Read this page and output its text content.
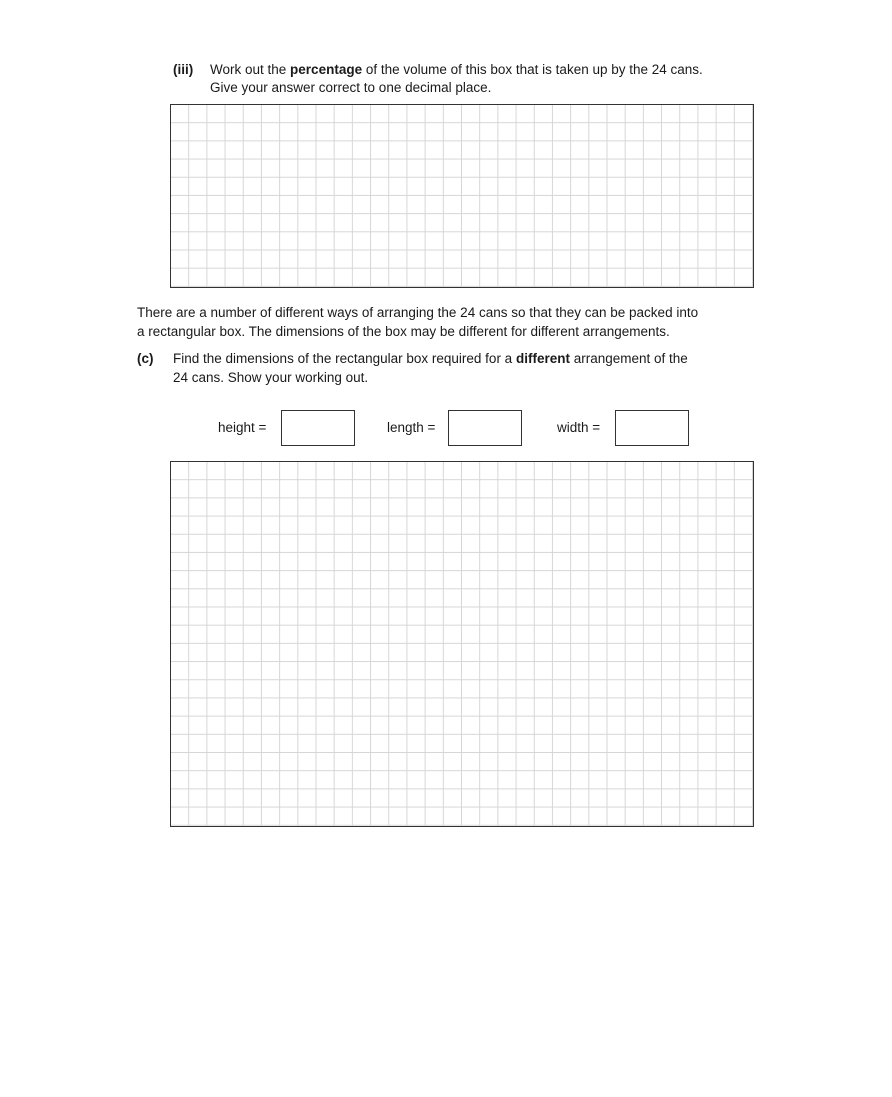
(iii) Work out the percentage of the volume of this box that is taken up by the 24 cans.
Give your answer correct to one decimal place.
There are a number of different ways of arranging the 24 cans so that they can be packed into
a rectangular box. The dimensions of the box may be different for different arrangements.
(c) Find the dimensions of the rectangular box required for a different arrangement of the
24 cans. Show your working out.
height =	length =	width =
